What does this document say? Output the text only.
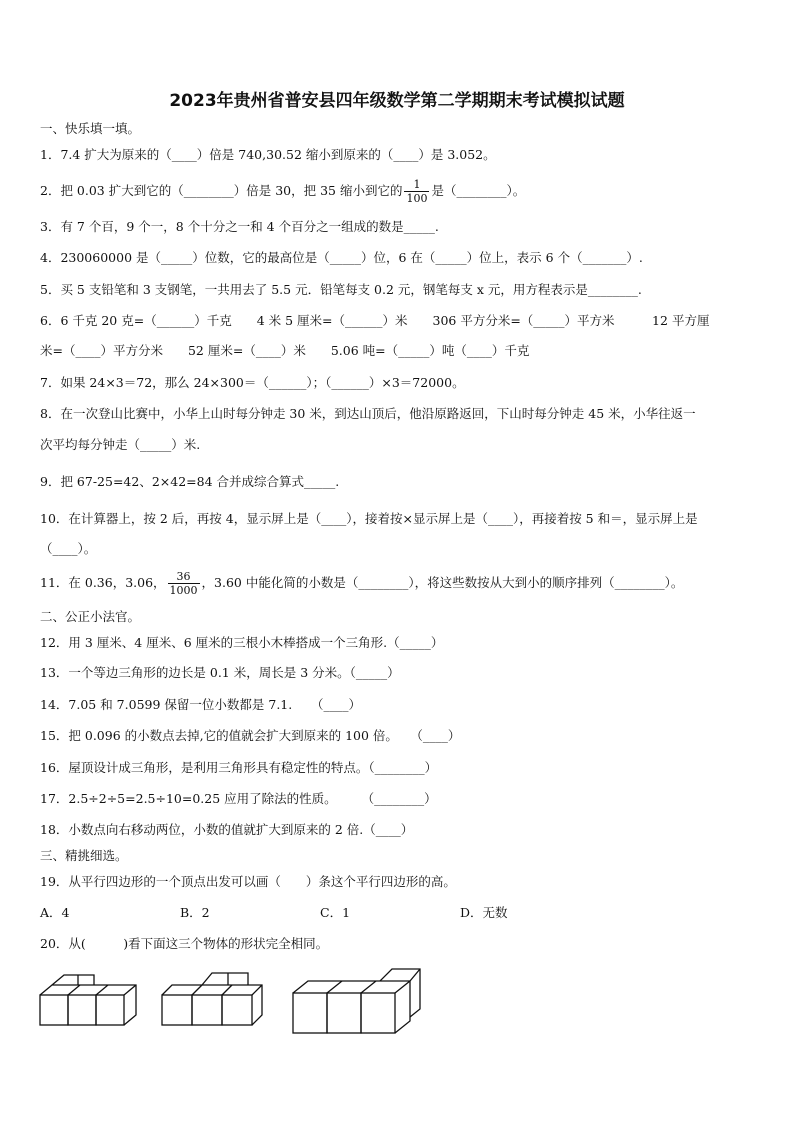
2023年贵州省普安县四年级数学第二学期期末考试模拟试题
一、快乐填一填。
1．7.4 扩大为原来的（____）倍是 740,30.52 缩小到原来的（____）是 3.052。
2．把 0.03 扩大到它的（________）倍是 30，把 35 缩小到它的 $\frac{1}{100}$ 是（________）。
3．有 7 个百，9 个一，8 个十分之一和 4 个百分之一组成的数是_____.
4．230060000 是（_____）位数，它的最高位是（_____）位，6 在（_____）位上，表示 6 个（_______）.
5．买 5 支铅笔和 3 支钢笔，一共用去了 5.5 元．铅笔每支 0.2 元，钢笔每支 x 元，用方程表示是________.
6．6 千克 20 克=（______）千克　　4 米 5 厘米=（______）米　　306 平方分米=（_____）平方米　　　12 平方厘
米=（____）平方分米　　52 厘米=（____）米　　5.06 吨=（_____）吨（____）千克
7．如果 24×3＝72，那么 24×300＝（______）；（______）×3＝72000。
8．在一次登山比赛中，小华上山时每分钟走 30 米，到达山顶后，他沿原路返回，下山时每分钟走 45 米，小华往返一
次平均每分钟走（_____）米.
9．把 67-25=42、2×42=84 合并成综合算式_____.
10．在计算器上，按 2 后，再按 4，显示屏上是（____），接着按×显示屏上是（____），再接着按 5 和＝，显示屏上是
（____）。
11．在 0.36，3.06， $\frac{36}{1000}$ ，3.60 中能化简的小数是（________），将这些数按从大到小的顺序排列（________）。
二、公正小法官。
12．用 3 厘米、4 厘米、6 厘米的三根小木棒搭成一个三角形.（_____）
13．一个等边三角形的边长是 0.1 米，周长是 3 分米。（_____）
14．7.05 和 7.0599 保留一位小数都是 7.1.　　（____）
15．把 0.096 的小数点去掉,它的值就会扩大到原来的 100 倍。　　（____）
16．屋顶设计成三角形，是利用三角形具有稳定性的特点。（________）
17．2.5÷2÷5=2.5÷10=0.25 应用了除法的性质。　　　（________）
18．小数点向右移动两位，小数的值就扩大到原来的 2 倍.（____）
三、精挑细选。
19．从平行四边形的一个顶点出发可以画（　　）条这个平行四边形的高。
A．4	B．2	C．1	D．无数
20．从(　　　)看下面这三个物体的形状完全相同。
